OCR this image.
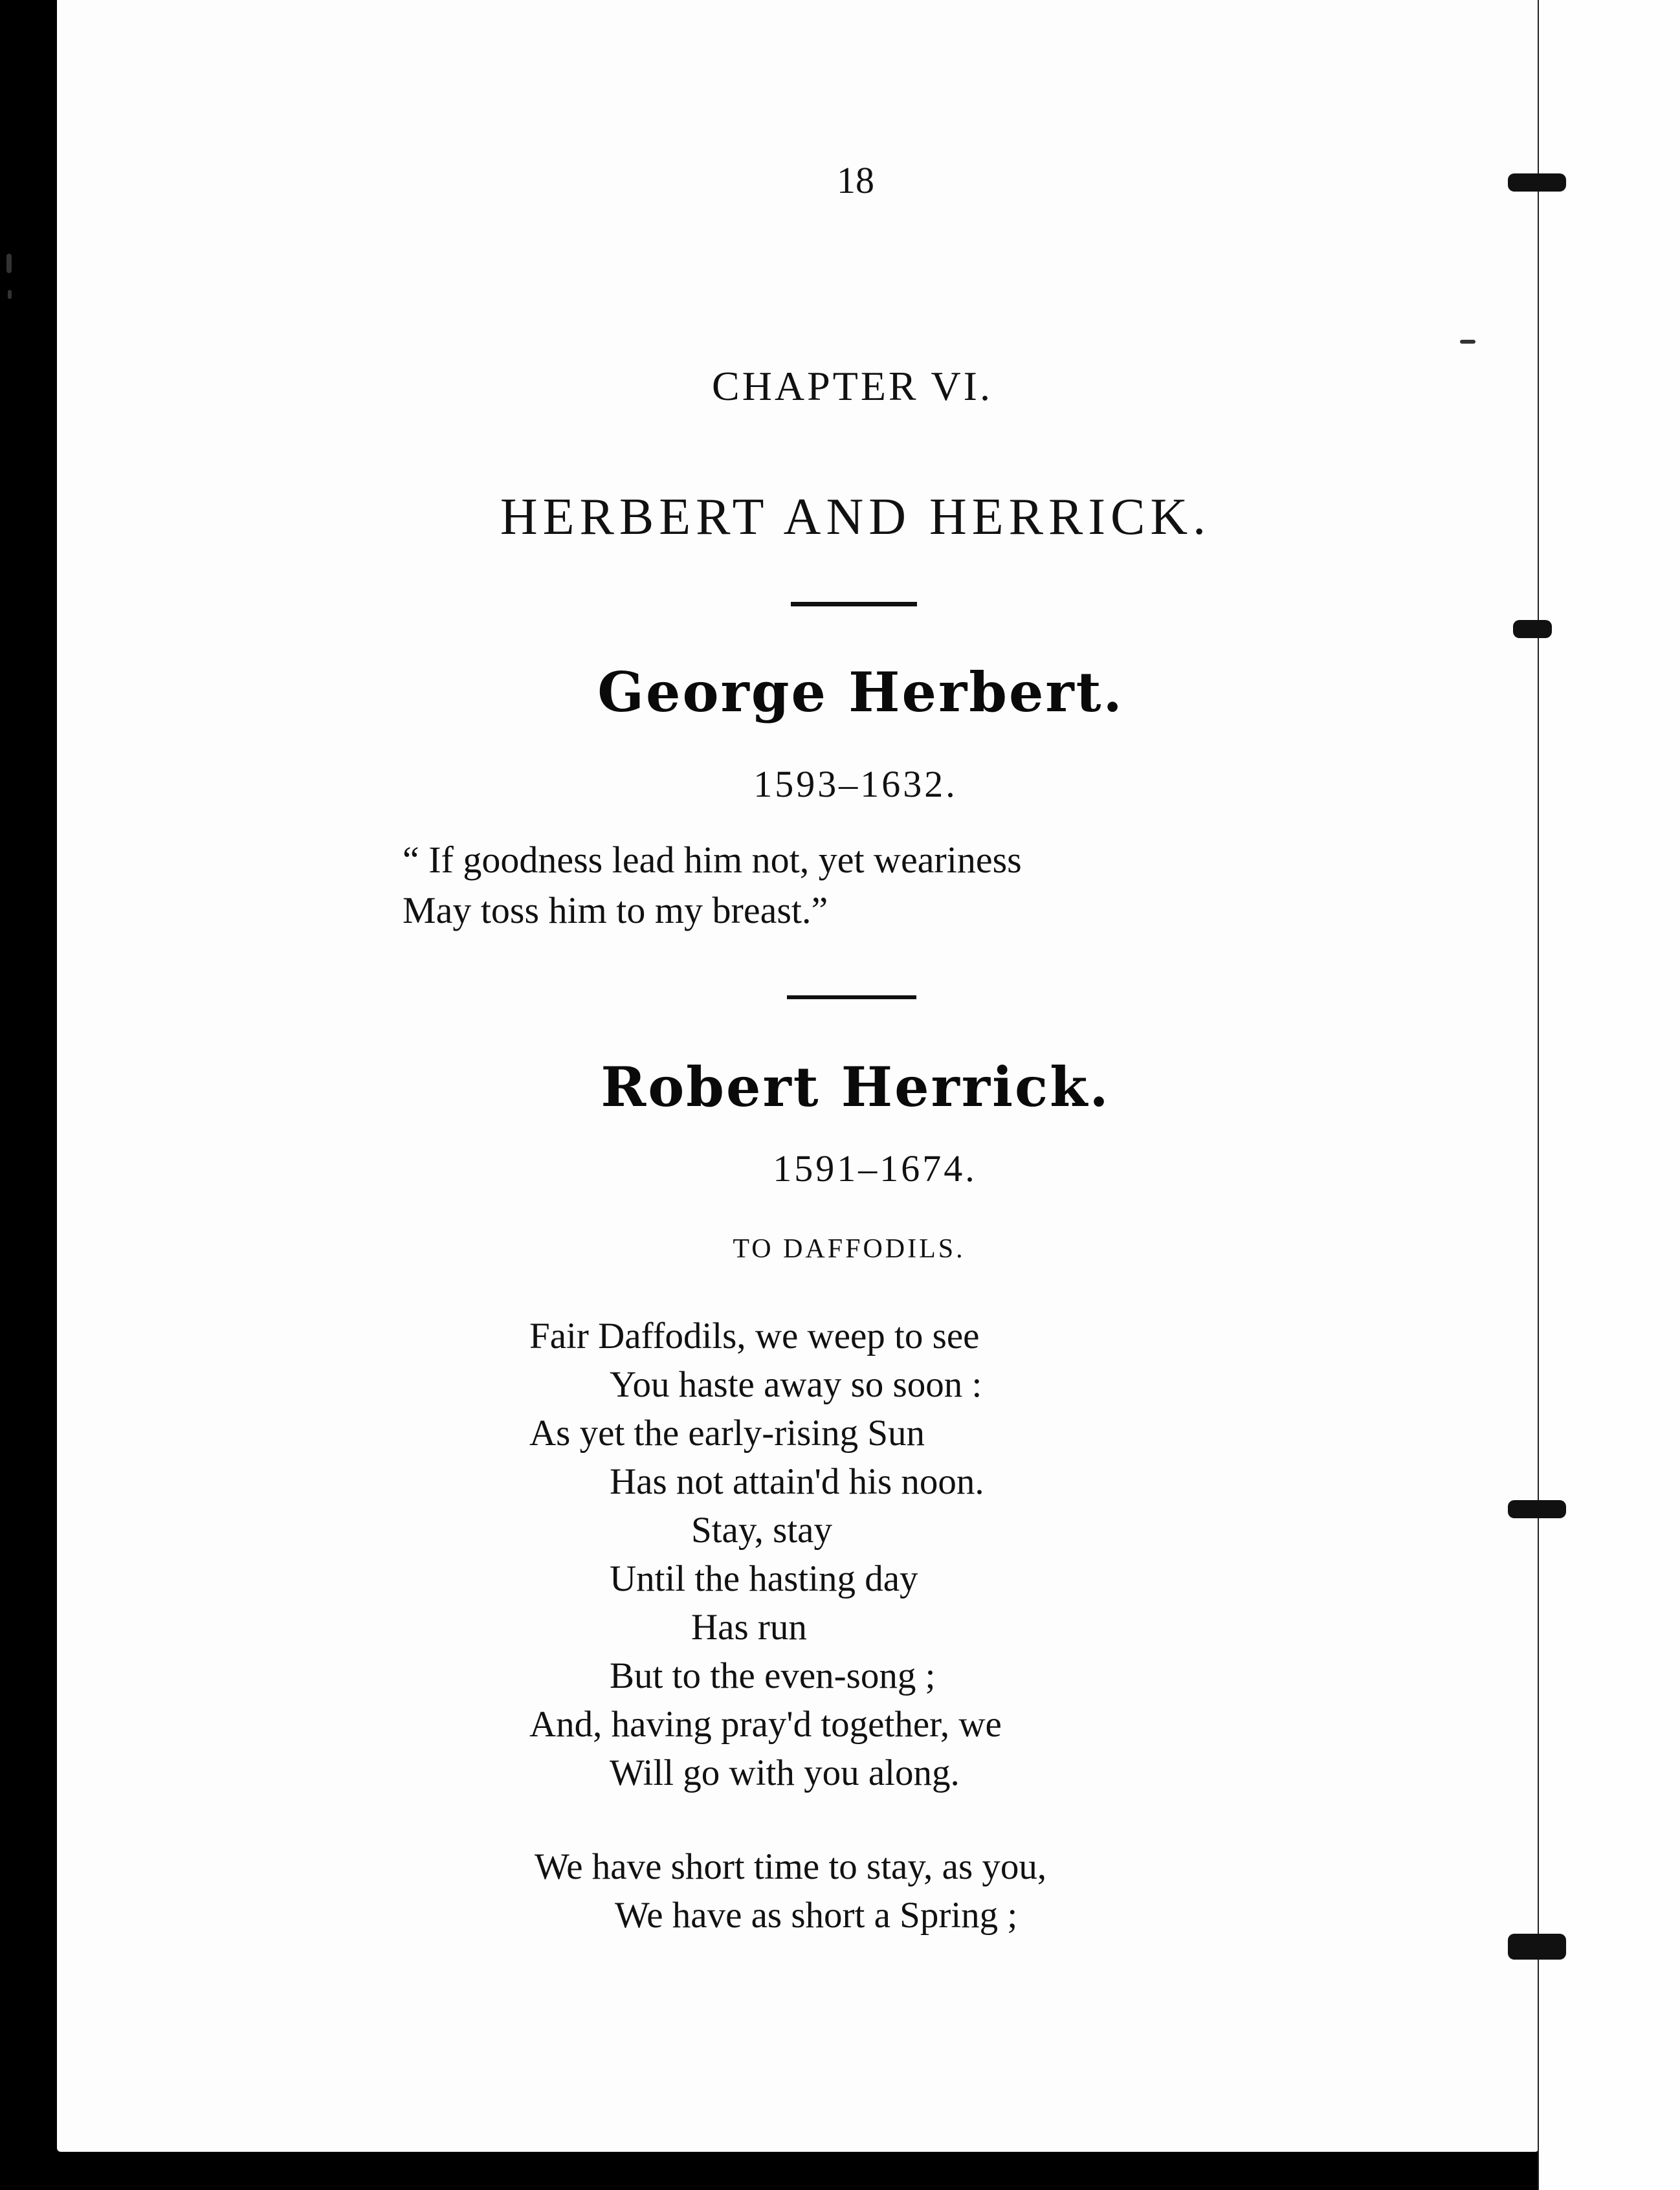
18
CHAPTER VI.
HERBERT AND HERRICK.
George Herbert.
1593–1632.
“ If goodness lead him not, yet weariness
May toss him to my breast.”
Robert Herrick.
1591–1674.
TO DAFFODILS.
Fair Daffodils, we weep to see
You haste away so soon :
As yet the early-rising Sun
Has not attain'd his noon.
Stay, stay
Until the hasting day
Has run
But to the even-song ;
And, having pray'd together, we
Will go with you along.
We have short time to stay, as you,
We have as short a Spring ;
